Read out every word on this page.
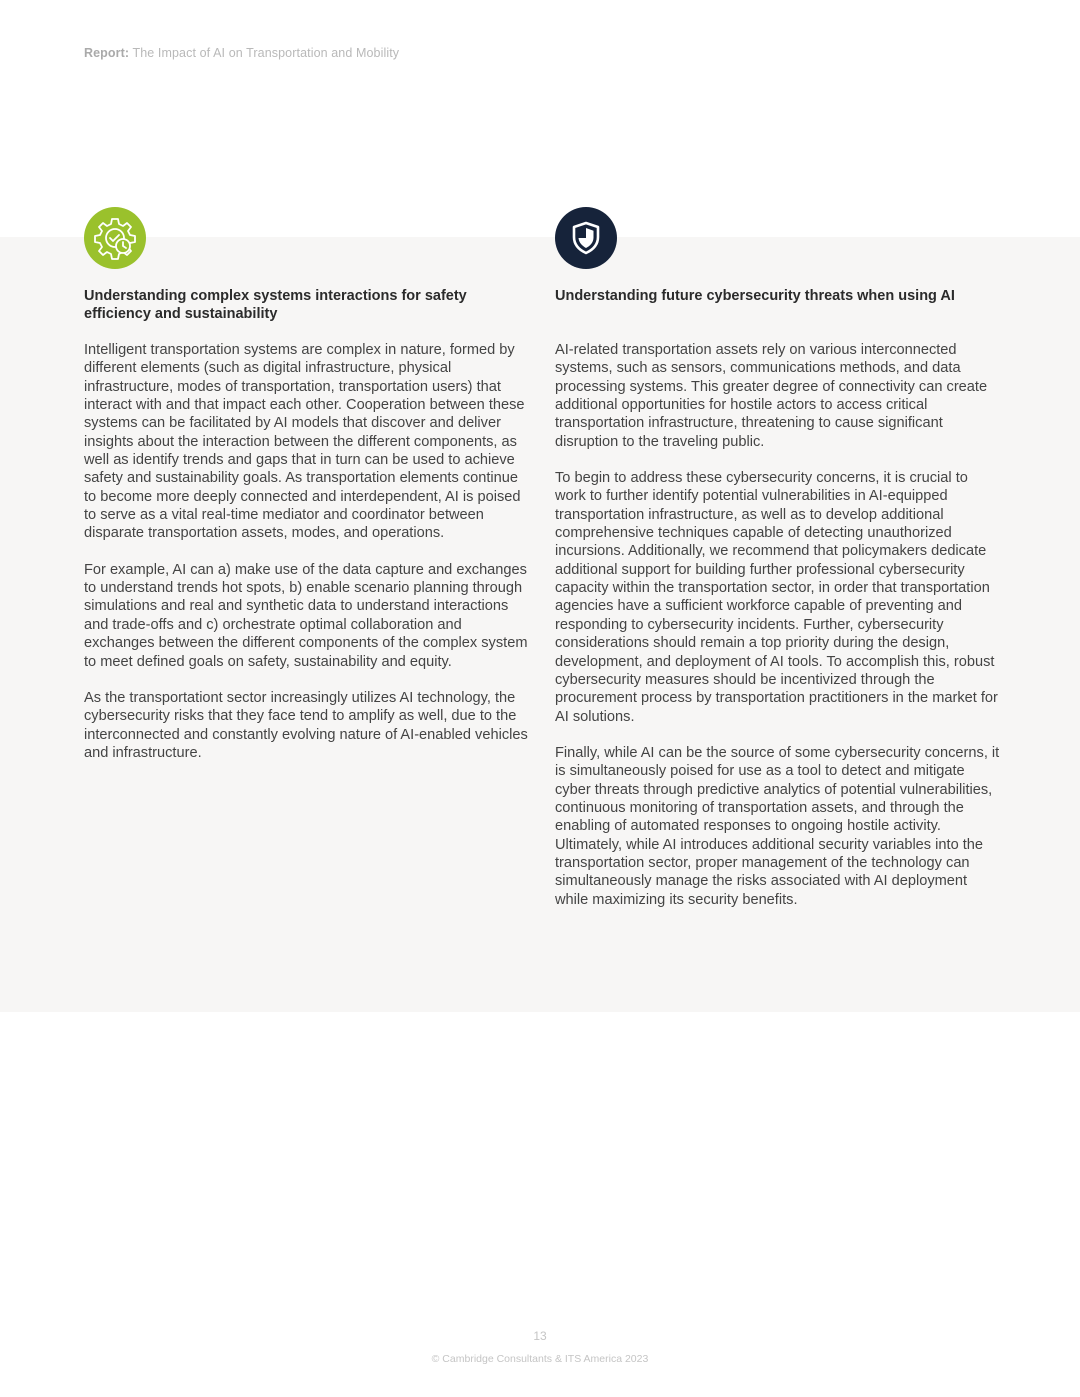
Report: The Impact of AI on Transportation and Mobility
Understanding complex systems interactions for safety efficiency and sustainability

Intelligent transportation systems are complex in nature, formed by different elements (such as digital infrastructure, physical infrastructure, modes of transportation, transportation users) that interact with and that impact each other. Cooperation between these systems can be facilitated by AI models that discover and deliver insights about the interaction between the different components, as well as identify trends and gaps that in turn can be used to achieve safety and sustainability goals. As transportation elements continue to become more deeply connected and interdependent, AI is poised to serve as a vital real-time mediator and coordinator between disparate transportation assets, modes, and operations.

For example, AI can a) make use of the data capture and exchanges to understand trends hot spots, b) enable scenario planning through simulations and real and synthetic data to understand interactions and trade-offs and c) orchestrate optimal collaboration and exchanges between the different components of the complex system to meet defined goals on safety, sustainability and equity.

As the transportationt sector increasingly utilizes AI technology, the cybersecurity risks that they face tend to amplify as well, due to the interconnected and constantly evolving nature of AI-enabled vehicles and infrastructure.

Understanding future cybersecurity threats when using AI

AI-related transportation assets rely on various interconnected systems, such as sensors, communications methods, and data processing systems. This greater degree of connectivity can create additional opportunities for hostile actors to access critical transportation infrastructure, threatening to cause significant disruption to the traveling public.

To begin to address these cybersecurity concerns, it is crucial to work to further identify potential vulnerabilities in AI-equipped transportation infrastructure, as well as to develop additional comprehensive techniques capable of detecting unauthorized incursions. Additionally, we recommend that policymakers dedicate additional support for building further professional cybersecurity capacity within the transportation sector, in order that transportation agencies have a sufficient workforce capable of preventing and responding to cybersecurity incidents. Further, cybersecurity considerations should remain a top priority during the design, development, and deployment of AI tools. To accomplish this, robust cybersecurity measures should be incentivized through the procurement process by transportation practitioners in the market for AI solutions.

Finally, while AI can be the source of some cybersecurity concerns, it is simultaneously poised for use as a tool to detect and mitigate cyber threats through predictive analytics of potential vulnerabilities, continuous monitoring of transportation assets, and through the enabling of automated responses to ongoing hostile activity. Ultimately, while AI introduces additional security variables into the transportation sector, proper management of the technology can simultaneously manage the risks associated with AI deployment while maximizing its security benefits.

13
© Cambridge Consultants & ITS America 2023
